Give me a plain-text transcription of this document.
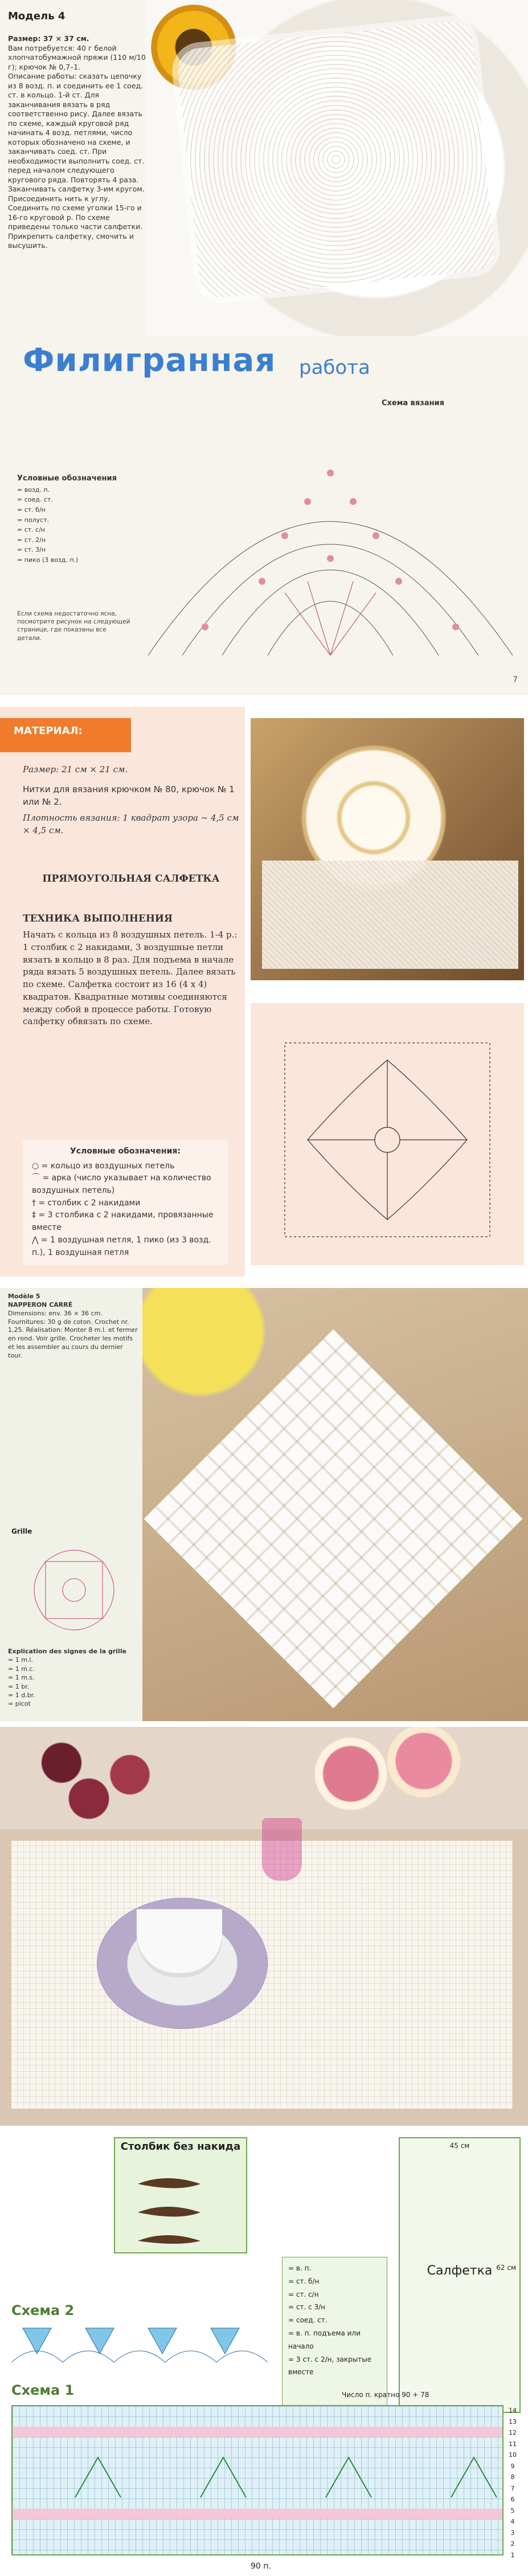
Модель 4
Размер: 37 × 37 см.
Вам потребуется: 40 г белой хлопчатобумажной пряжи (110 м/10 г); крючок № 0,7–1.
Описание работы: сказать цепочку из 8 возд. п. и соединить ее 1 соед. ст. в кольцо. 1-й ст. Для заканчивания вязать в ряд соответственно рису. Далее вязать по схеме, каждый круговой ряд начинать 4 возд. петлями, число которых обозначено на схеме, и заканчивать соед. ст. При необходимости выполнить соед. ст. перед началом следующего кругового ряда. Повторять 4 раза. Заканчивать салфетку 3-им кругом. Присоединить нить к углу. Соединить по схеме уголки 15-го и 16-го круговой р. По схеме приведены только части салфетки. Прикрепить салфетку, смочить и высушить.
Филигранная работа
Схема вязания
Условные обозначения
= возд. п.
= соед. ст.
= ст. б/н
= полуст.
= ст. с/н
= ст. 2/н
= ст. 3/н
= пико (3 возд. п.)
Если схема недостаточно ясна, посмотрите рисунок на следующей странице, где показаны все детали.
7
МАТЕРИАЛ:
Размер: 21 см × 21 см.
Нитки для вязания крючком № 80, крючок № 1 или № 2.
Плотность вязания: 1 квадрат узора ~ 4,5 см × 4,5 см.
ПРЯМОУГОЛЬНАЯ САЛФЕТКА
ТЕХНИКА ВЫПОЛНЕНИЯ
Начать с кольца из 8 воздушных петель. 1-4 р.: 1 столбик с 2 накидами, 3 воздушные петли вязать в кольцо в 8 раз. Для подъема в начале ряда вязать 5 воздушных петель. Далее вязать по схеме. Салфетка состоит из 16 (4 x 4) квадратов. Квадратные мотивы соединяются между собой в процессе работы. Готовую салфетку обвязать по схеме.
Условные обозначения:
○ = кольцо из воздушных петель
⌒ = арка (число указывает на количество воздушных петель)
† = столбик с 2 накидами
‡ = 3 столбика с 2 накидами, провязанные вместе
⋀ = 1 воздушная петля, 1 пико (из 3 возд. п.), 1 воздушная петля
Modèle 5
NAPPERON CARRÉ
Dimensions: env. 36 × 36 cm. Fournitures: 30 g de coton. Crochet nr. 1,25. Réalisation: Monter 8 m.l. et fermer en rond. Voir grille. Crocheter les motifs et les assembler au cours du dernier tour.
Grille
Explication des signes de la grille
= 1 m.l.
= 1 m.c.
= 1 m.s.
= 1 br.
= 1 d.br.
= picot
Столбик без накида
= в. п.
= ст. б/н
= ст. с/н
= ст. с 3/н
= соед. ст.
= в. п. подъема или начало
= 3 ст. с 2/н, закрытые вместе
45 см
Салфетка 62 см
Схема 2
Схема 1	Число п. кратно 90 + 78
14
13
12
11
10
9
8
7
6
5
4
3
2
1
90 п.
